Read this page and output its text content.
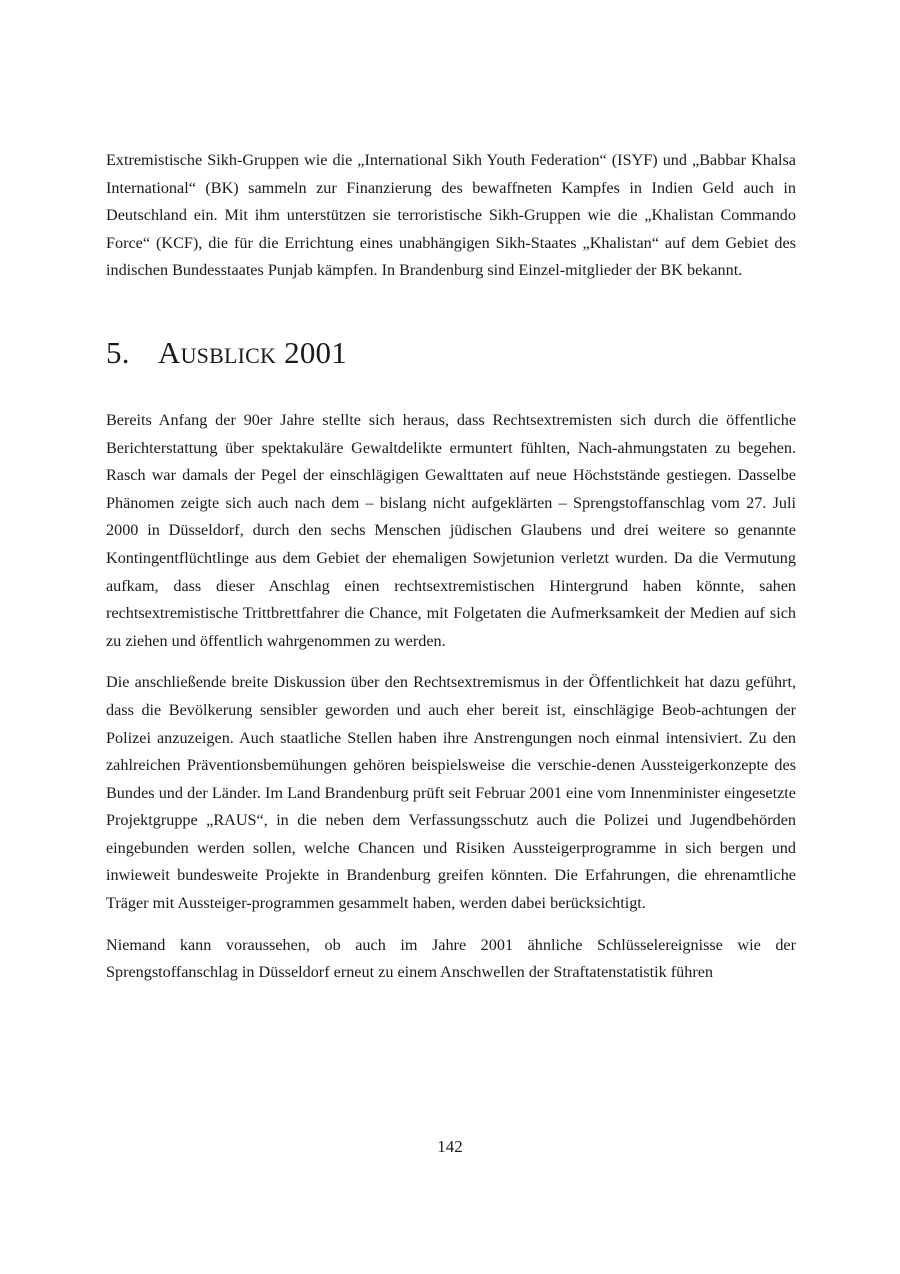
Extremistische Sikh-Gruppen wie die „International Sikh Youth Federation“ (ISYF) und „Babbar Khalsa International“ (BK) sammeln zur Finanzierung des bewaffneten Kampfes in Indien Geld auch in Deutschland ein. Mit ihm unterstützen sie terroristische Sikh-Gruppen wie die „Khalistan Commando Force“ (KCF), die für die Errichtung eines unabhängigen Sikh-Staates „Khalistan“ auf dem Gebiet des indischen Bundesstaates Punjab kämpfen. In Brandenburg sind Einzel-mitglieder der BK bekannt.

5. Ausblick 2001

Bereits Anfang der 90er Jahre stellte sich heraus, dass Rechtsextremisten sich durch die öffentliche Berichterstattung über spektakuläre Gewaltdelikte ermuntert fühlten, Nach-ahmungstaten zu begehen. Rasch war damals der Pegel der einschlägigen Gewalttaten auf neue Höchststände gestiegen. Dasselbe Phänomen zeigte sich auch nach dem – bislang nicht aufgeklärten – Sprengstoffanschlag vom 27. Juli 2000 in Düsseldorf, durch den sechs Menschen jüdischen Glaubens und drei weitere so genannte Kontingentflüchtlinge aus dem Gebiet der ehemaligen Sowjetunion verletzt wurden. Da die Vermutung aufkam, dass dieser Anschlag einen rechtsextremistischen Hintergrund haben könnte, sahen rechtsextremistische Trittbrettfahrer die Chance, mit Folgetaten die Aufmerksamkeit der Medien auf sich zu ziehen und öffentlich wahrgenommen zu werden.

Die anschließende breite Diskussion über den Rechtsextremismus in der Öffentlichkeit hat dazu geführt, dass die Bevölkerung sensibler geworden und auch eher bereit ist, einschlägige Beob-achtungen der Polizei anzuzeigen. Auch staatliche Stellen haben ihre Anstrengungen noch einmal intensiviert. Zu den zahlreichen Präventionsbemühungen gehören beispielsweise die verschie-denen Aussteigerkonzepte des Bundes und der Länder. Im Land Brandenburg prüft seit Februar 2001 eine vom Innenminister eingesetzte Projektgruppe „RAUS“, in die neben dem Verfassungsschutz auch die Polizei und Jugendbehörden eingebunden werden sollen, welche Chancen und Risiken Aussteigerprogramme in sich bergen und inwieweit bundesweite Projekte in Brandenburg greifen könnten. Die Erfahrungen, die ehrenamtliche Träger mit Aussteiger-programmen gesammelt haben, werden dabei berücksichtigt.

Niemand kann voraussehen, ob auch im Jahre 2001 ähnliche Schlüsselereignisse wie der Sprengstoffanschlag in Düsseldorf erneut zu einem Anschwellen der Straftatenstatistik führen

142
